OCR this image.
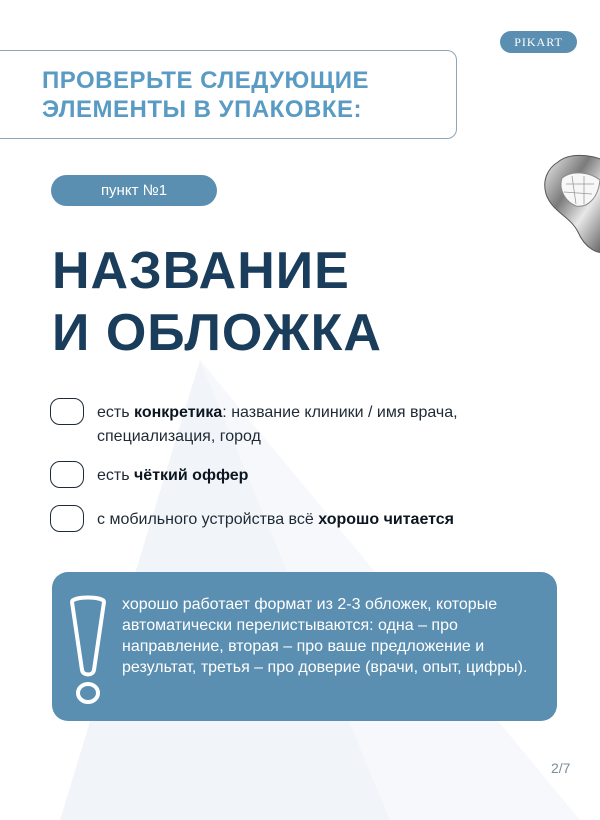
PIKART
ПРОВЕРЬТЕ СЛЕДУЮЩИЕ ЭЛЕМЕНТЫ В УПАКОВКЕ:
пункт №1
НАЗВАНИЕ
И ОБЛОЖКА
есть конкретика: название клиники / имя врача, специализация, город
есть чёткий оффер
с мобильного устройства всё хорошо читается
хорошо работает формат из 2-3 обложек, которые автоматически перелистываются: одна – про направление, вторая – про ваше предложение и результат, третья – про доверие (врачи, опыт, цифры).
2/7
